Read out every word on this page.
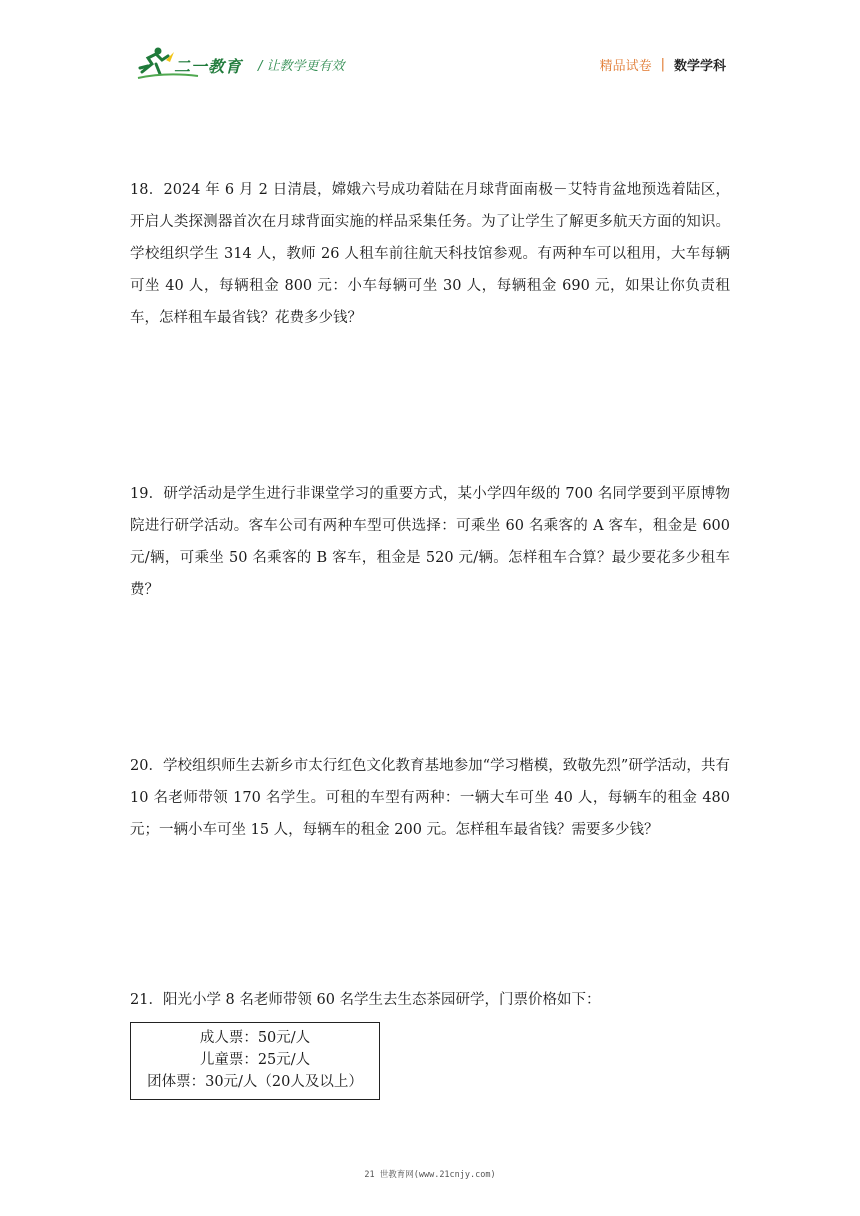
二一教育 / 让教学更有效	精品试卷 | 数学学科
18．2024 年 6 月 2 日清晨，嫦娥六号成功着陆在月球背面南极－艾特肯盆地预选着陆区，开启人类探测器首次在月球背面实施的样品采集任务。为了让学生了解更多航天方面的知识。学校组织学生 314 人，教师 26 人租车前往航天科技馆参观。有两种车可以租用，大车每辆可坐 40 人，每辆租金 800 元：小车每辆可坐 30 人，每辆租金 690 元，如果让你负责租车，怎样租车最省钱？花费多少钱？
19．研学活动是学生进行非课堂学习的重要方式，某小学四年级的 700 名同学要到平原博物院进行研学活动。客车公司有两种车型可供选择：可乘坐 60 名乘客的 A 客车，租金是 600 元/辆，可乘坐 50 名乘客的 B 客车，租金是 520 元/辆。怎样租车合算？最少要花多少租车费？
20．学校组织师生去新乡市太行红色文化教育基地参加“学习楷模，致敬先烈”研学活动，共有 10 名老师带领 170 名学生。可租的车型有两种：一辆大车可坐 40 人，每辆车的租金 480 元；一辆小车可坐 15 人，每辆车的租金 200 元。怎样租车最省钱？需要多少钱？
21．阳光小学 8 名老师带领 60 名学生去生态茶园研学，门票价格如下：
成人票：50元/人
儿童票：25元/人
团体票：30元/人（20人及以上）
21 世教育网(www.21cnjy.com)
